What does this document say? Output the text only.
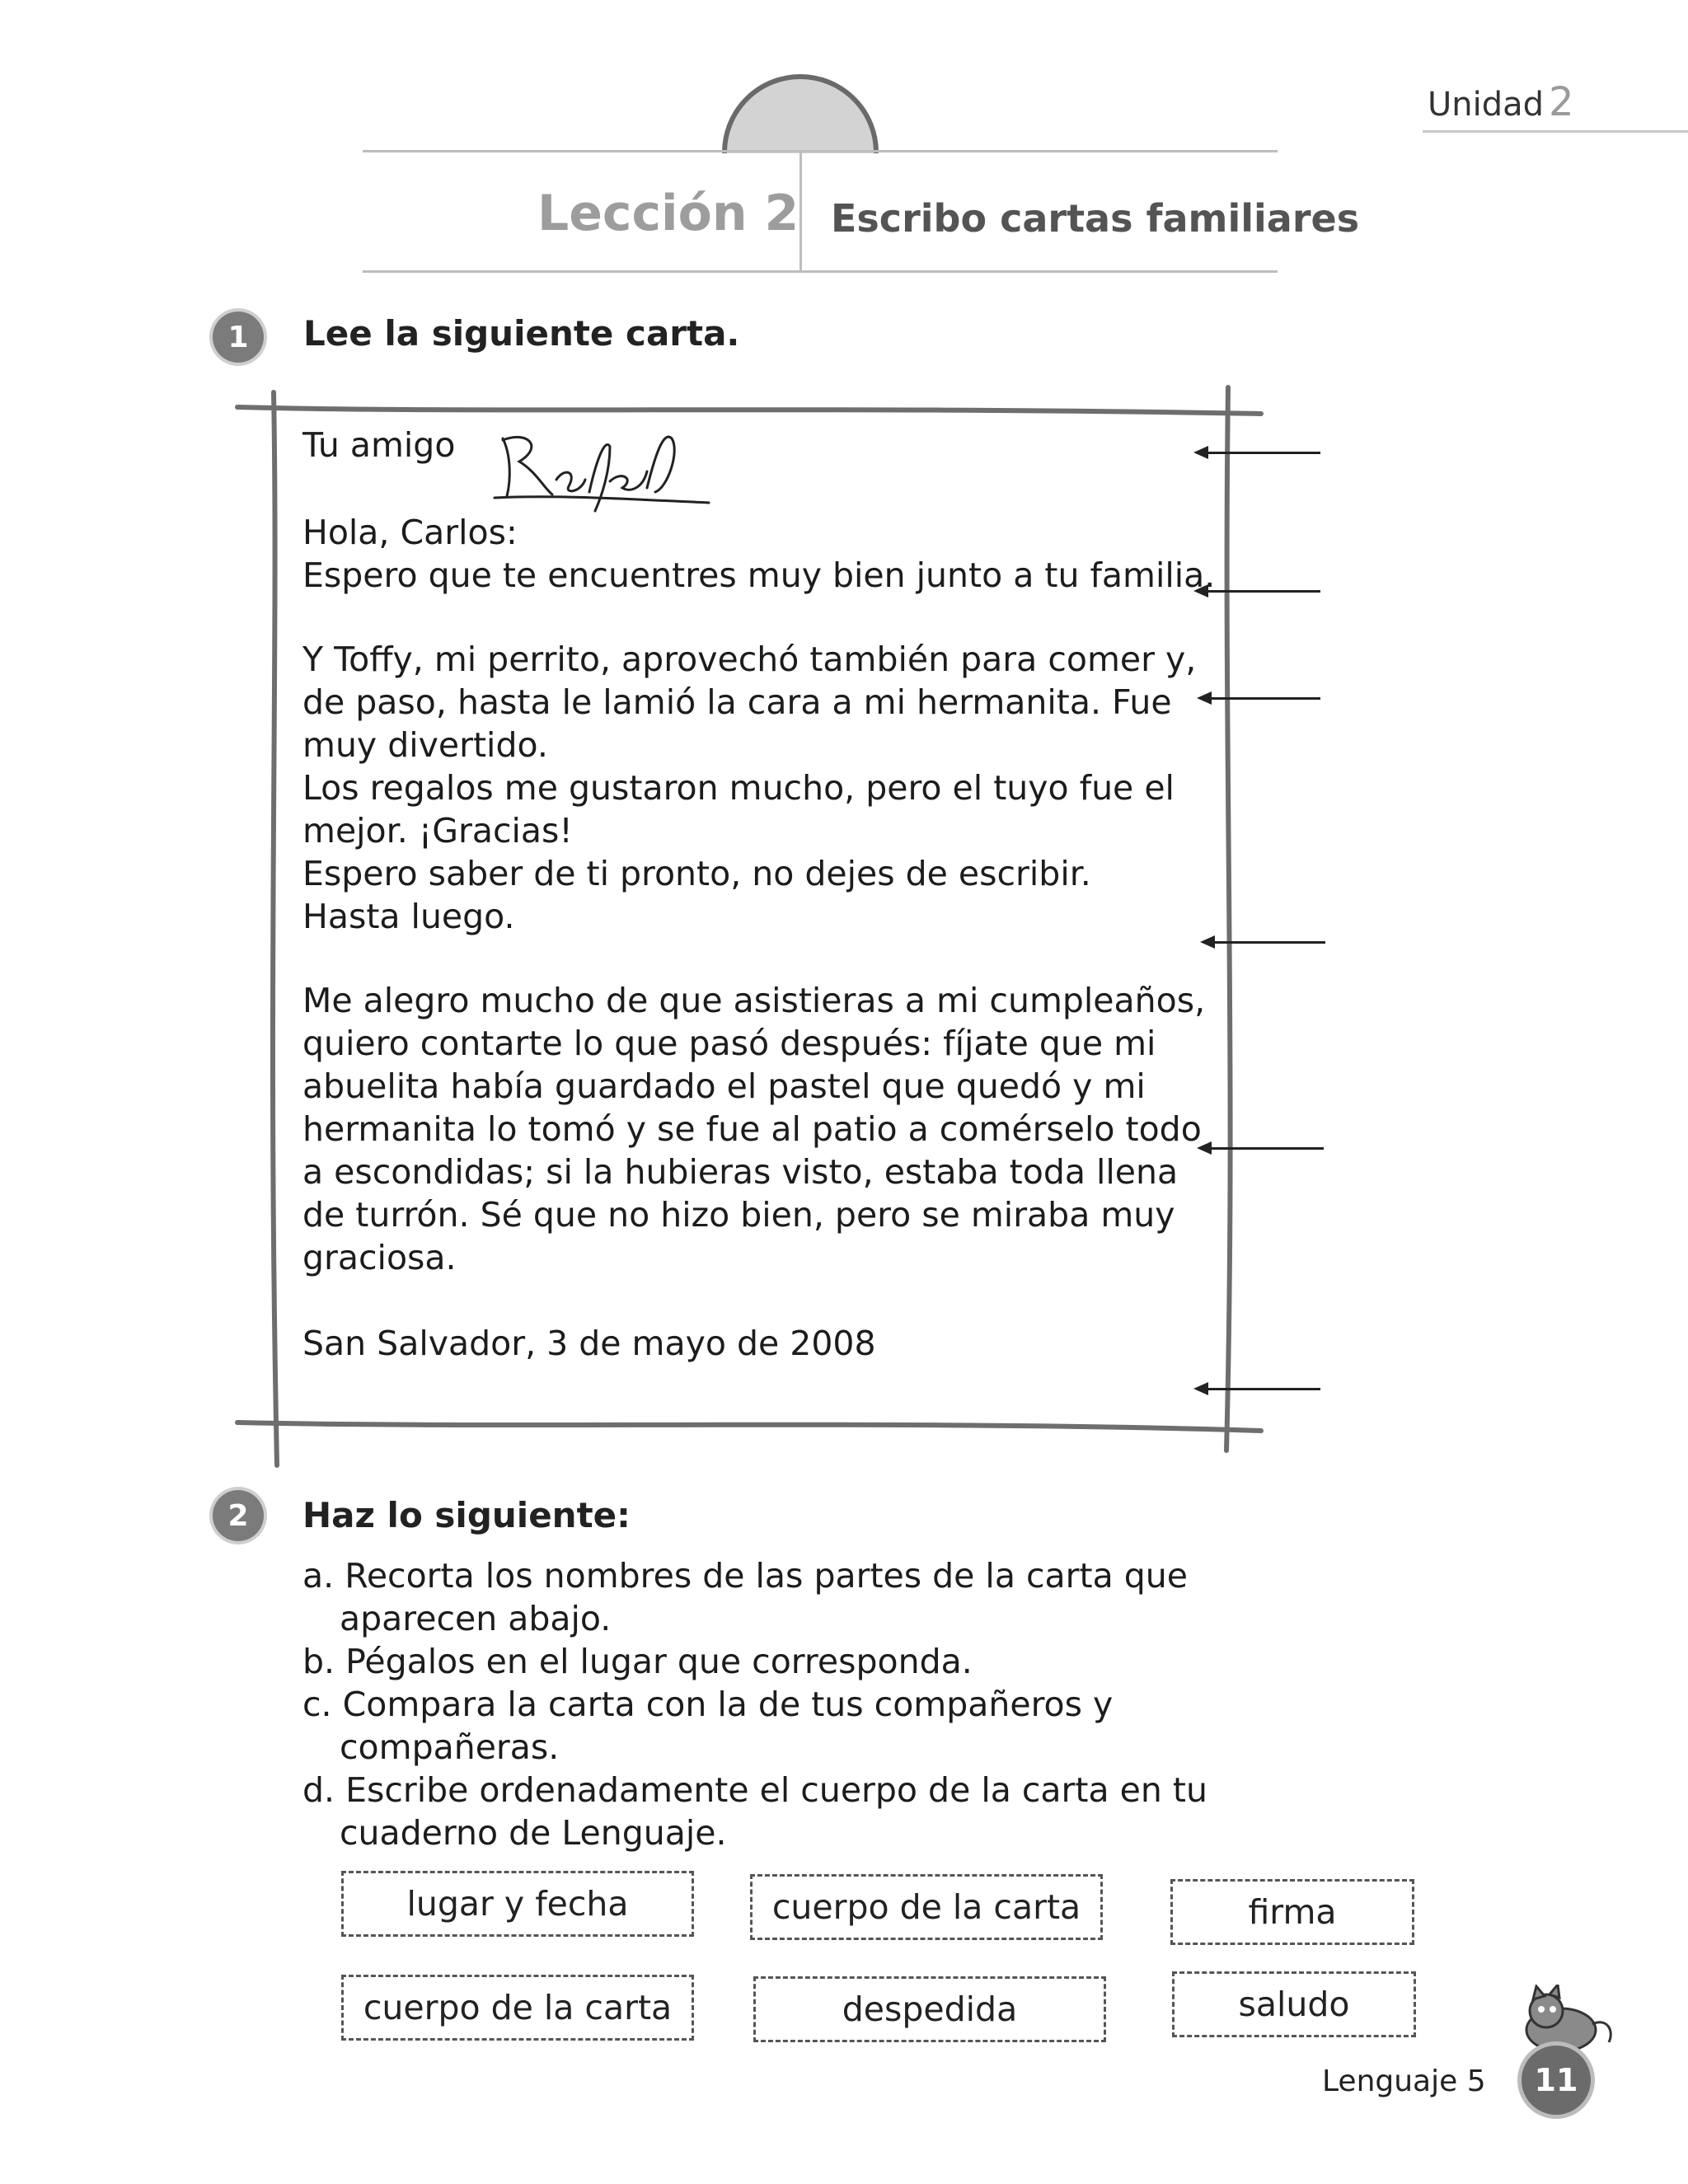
Unidad 2
Lección 2 Escribo cartas familiares
1	Lee la siguiente carta.
Tu amigo
Hola, Carlos:
Espero que te encuentres muy bien junto a tu familia.
Y Toffy, mi perrito, aprovechó también para comer y,
de paso, hasta le lamió la cara a mi hermanita. Fue
muy divertido.
Los regalos me gustaron mucho, pero el tuyo fue el
mejor. ¡Gracias!
Espero saber de ti pronto, no dejes de escribir.
Hasta luego.
Me alegro mucho de que asistieras a mi cumpleaños,
quiero contarte lo que pasó después: fíjate que mi
abuelita había guardado el pastel que quedó y mi
hermanita lo tomó y se fue al patio a comérselo todo
a escondidas; si la hubieras visto, estaba toda llena
de turrón. Sé que no hizo bien, pero se miraba muy
graciosa.
San Salvador, 3 de mayo de 2008
2	Haz lo siguiente:
a. Recorta los nombres de las partes de la carta que
aparecen abajo.
b. Pégalos en el lugar que corresponda.
c. Compara la carta con la de tus compañeros y
compañeras.
d. Escribe ordenadamente el cuerpo de la carta en tu
cuaderno de Lenguaje.
lugar y fecha	cuerpo de la carta	firma
cuerpo de la carta	despedida	saludo
Lenguaje 5	11
